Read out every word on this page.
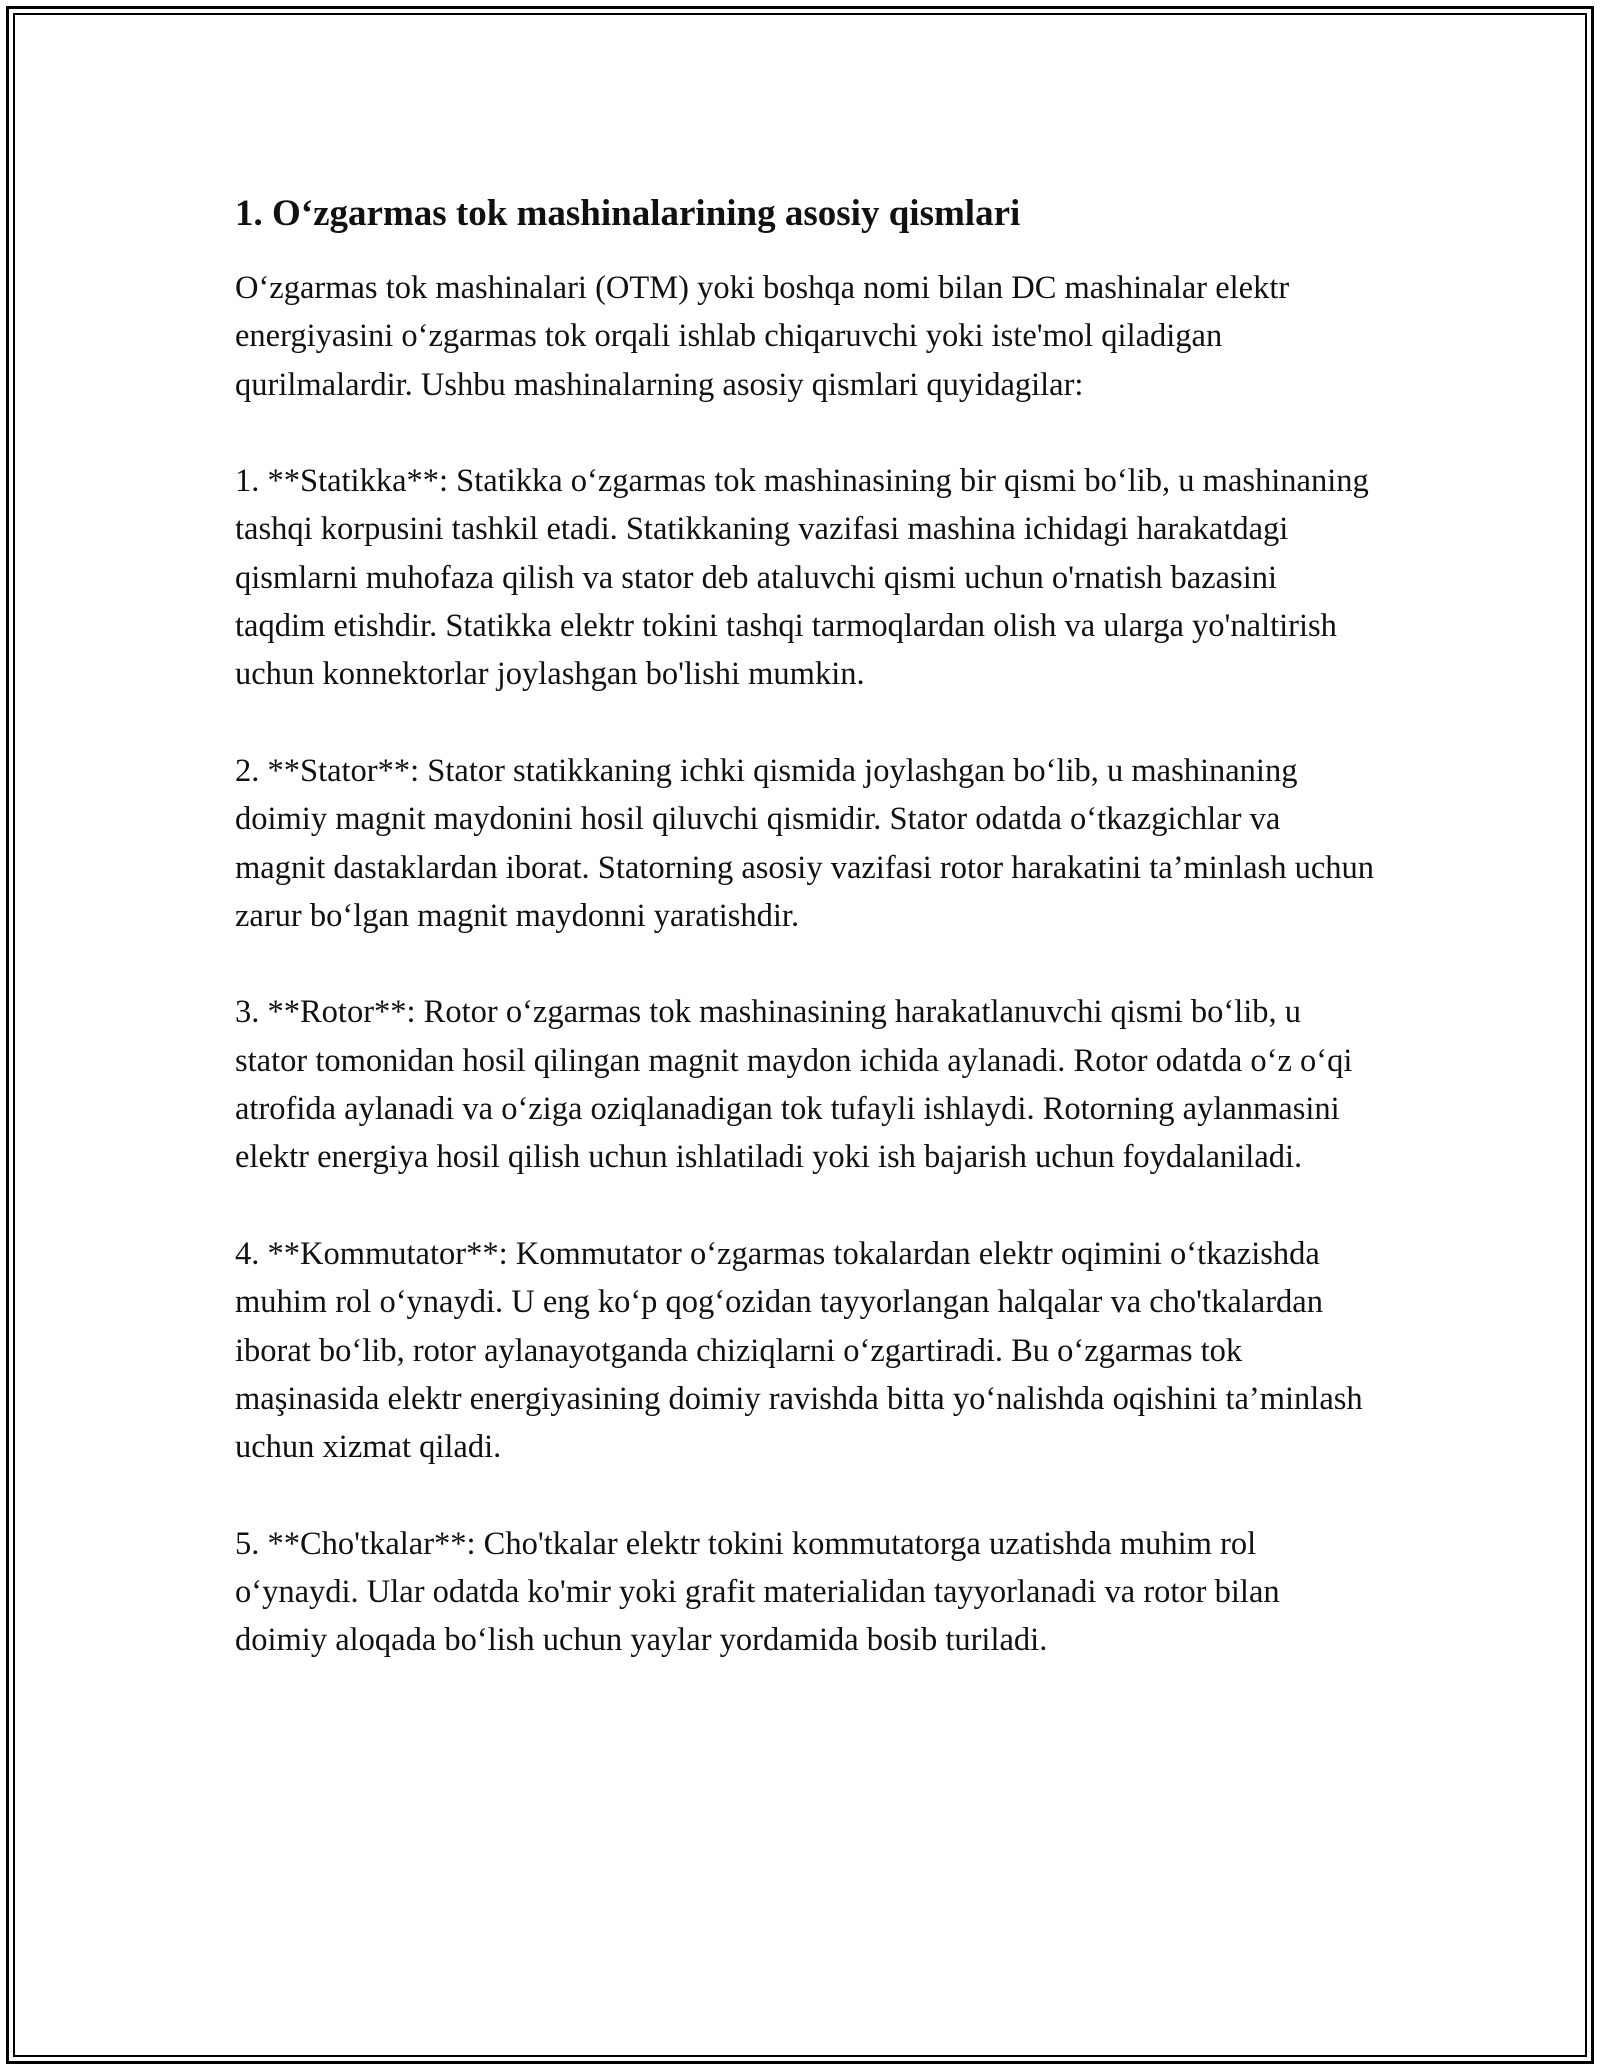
1. O‘zgarmas tok mashinalarining asosiy qismlari

O‘zgarmas tok mashinalari (OTM) yoki boshqa nomi bilan DC mashinalar elektr energiyasini o‘zgarmas tok orqali ishlab chiqaruvchi yoki iste'mol qiladigan qurilmalardir. Ushbu mashinalarning asosiy qismlari quyidagilar:

1. **Statikka**: Statikka o‘zgarmas tok mashinasining bir qismi bo‘lib, u mashinaning tashqi korpusini tashkil etadi. Statikkaning vazifasi mashina ichidagi harakatdagi qismlarni muhofaza qilish va stator deb ataluvchi qismi uchun o'rnatish bazasini taqdim etishdir. Statikka elektr tokini tashqi tarmoqlardan olish va ularga yo'naltirish uchun konnektorlar joylashgan bo'lishi mumkin.

2. **Stator**: Stator statikkaning ichki qismida joylashgan bo‘lib, u mashinaning doimiy magnit maydonini hosil qiluvchi qismidir. Stator odatda o‘tkazgichlar va magnit dastaklardan iborat. Statorning asosiy vazifasi rotor harakatini ta’minlash uchun zarur bo‘lgan magnit maydonni yaratishdir.

3. **Rotor**: Rotor o‘zgarmas tok mashinasining harakatlanuvchi qismi bo‘lib, u stator tomonidan hosil qilingan magnit maydon ichida aylanadi. Rotor odatda o‘z o‘qi atrofida aylanadi va o‘ziga oziqlanadigan tok tufayli ishlaydi. Rotorning aylanmasini elektr energiya hosil qilish uchun ishlatiladi yoki ish bajarish uchun foydalaniladi.

4. **Kommutator**: Kommutator o‘zgarmas tokalardan elektr oqimini o‘tkazishda muhim rol o‘ynaydi. U eng ko‘p qog‘ozidan tayyorlangan halqalar va cho'tkalardan iborat bo‘lib, rotor aylanayotganda chiziqlarni o‘zgartiradi. Bu o‘zgarmas tok maşinasida elektr energiyasining doimiy ravishda bitta yo‘nalishda oqishini ta’minlash uchun xizmat qiladi.

5. **Cho'tkalar**: Cho'tkalar elektr tokini kommutatorga uzatishda muhim rol o‘ynaydi. Ular odatda ko'mir yoki grafit materialidan tayyorlanadi va rotor bilan doimiy aloqada bo‘lish uchun yaylar yordamida bosib turiladi.
